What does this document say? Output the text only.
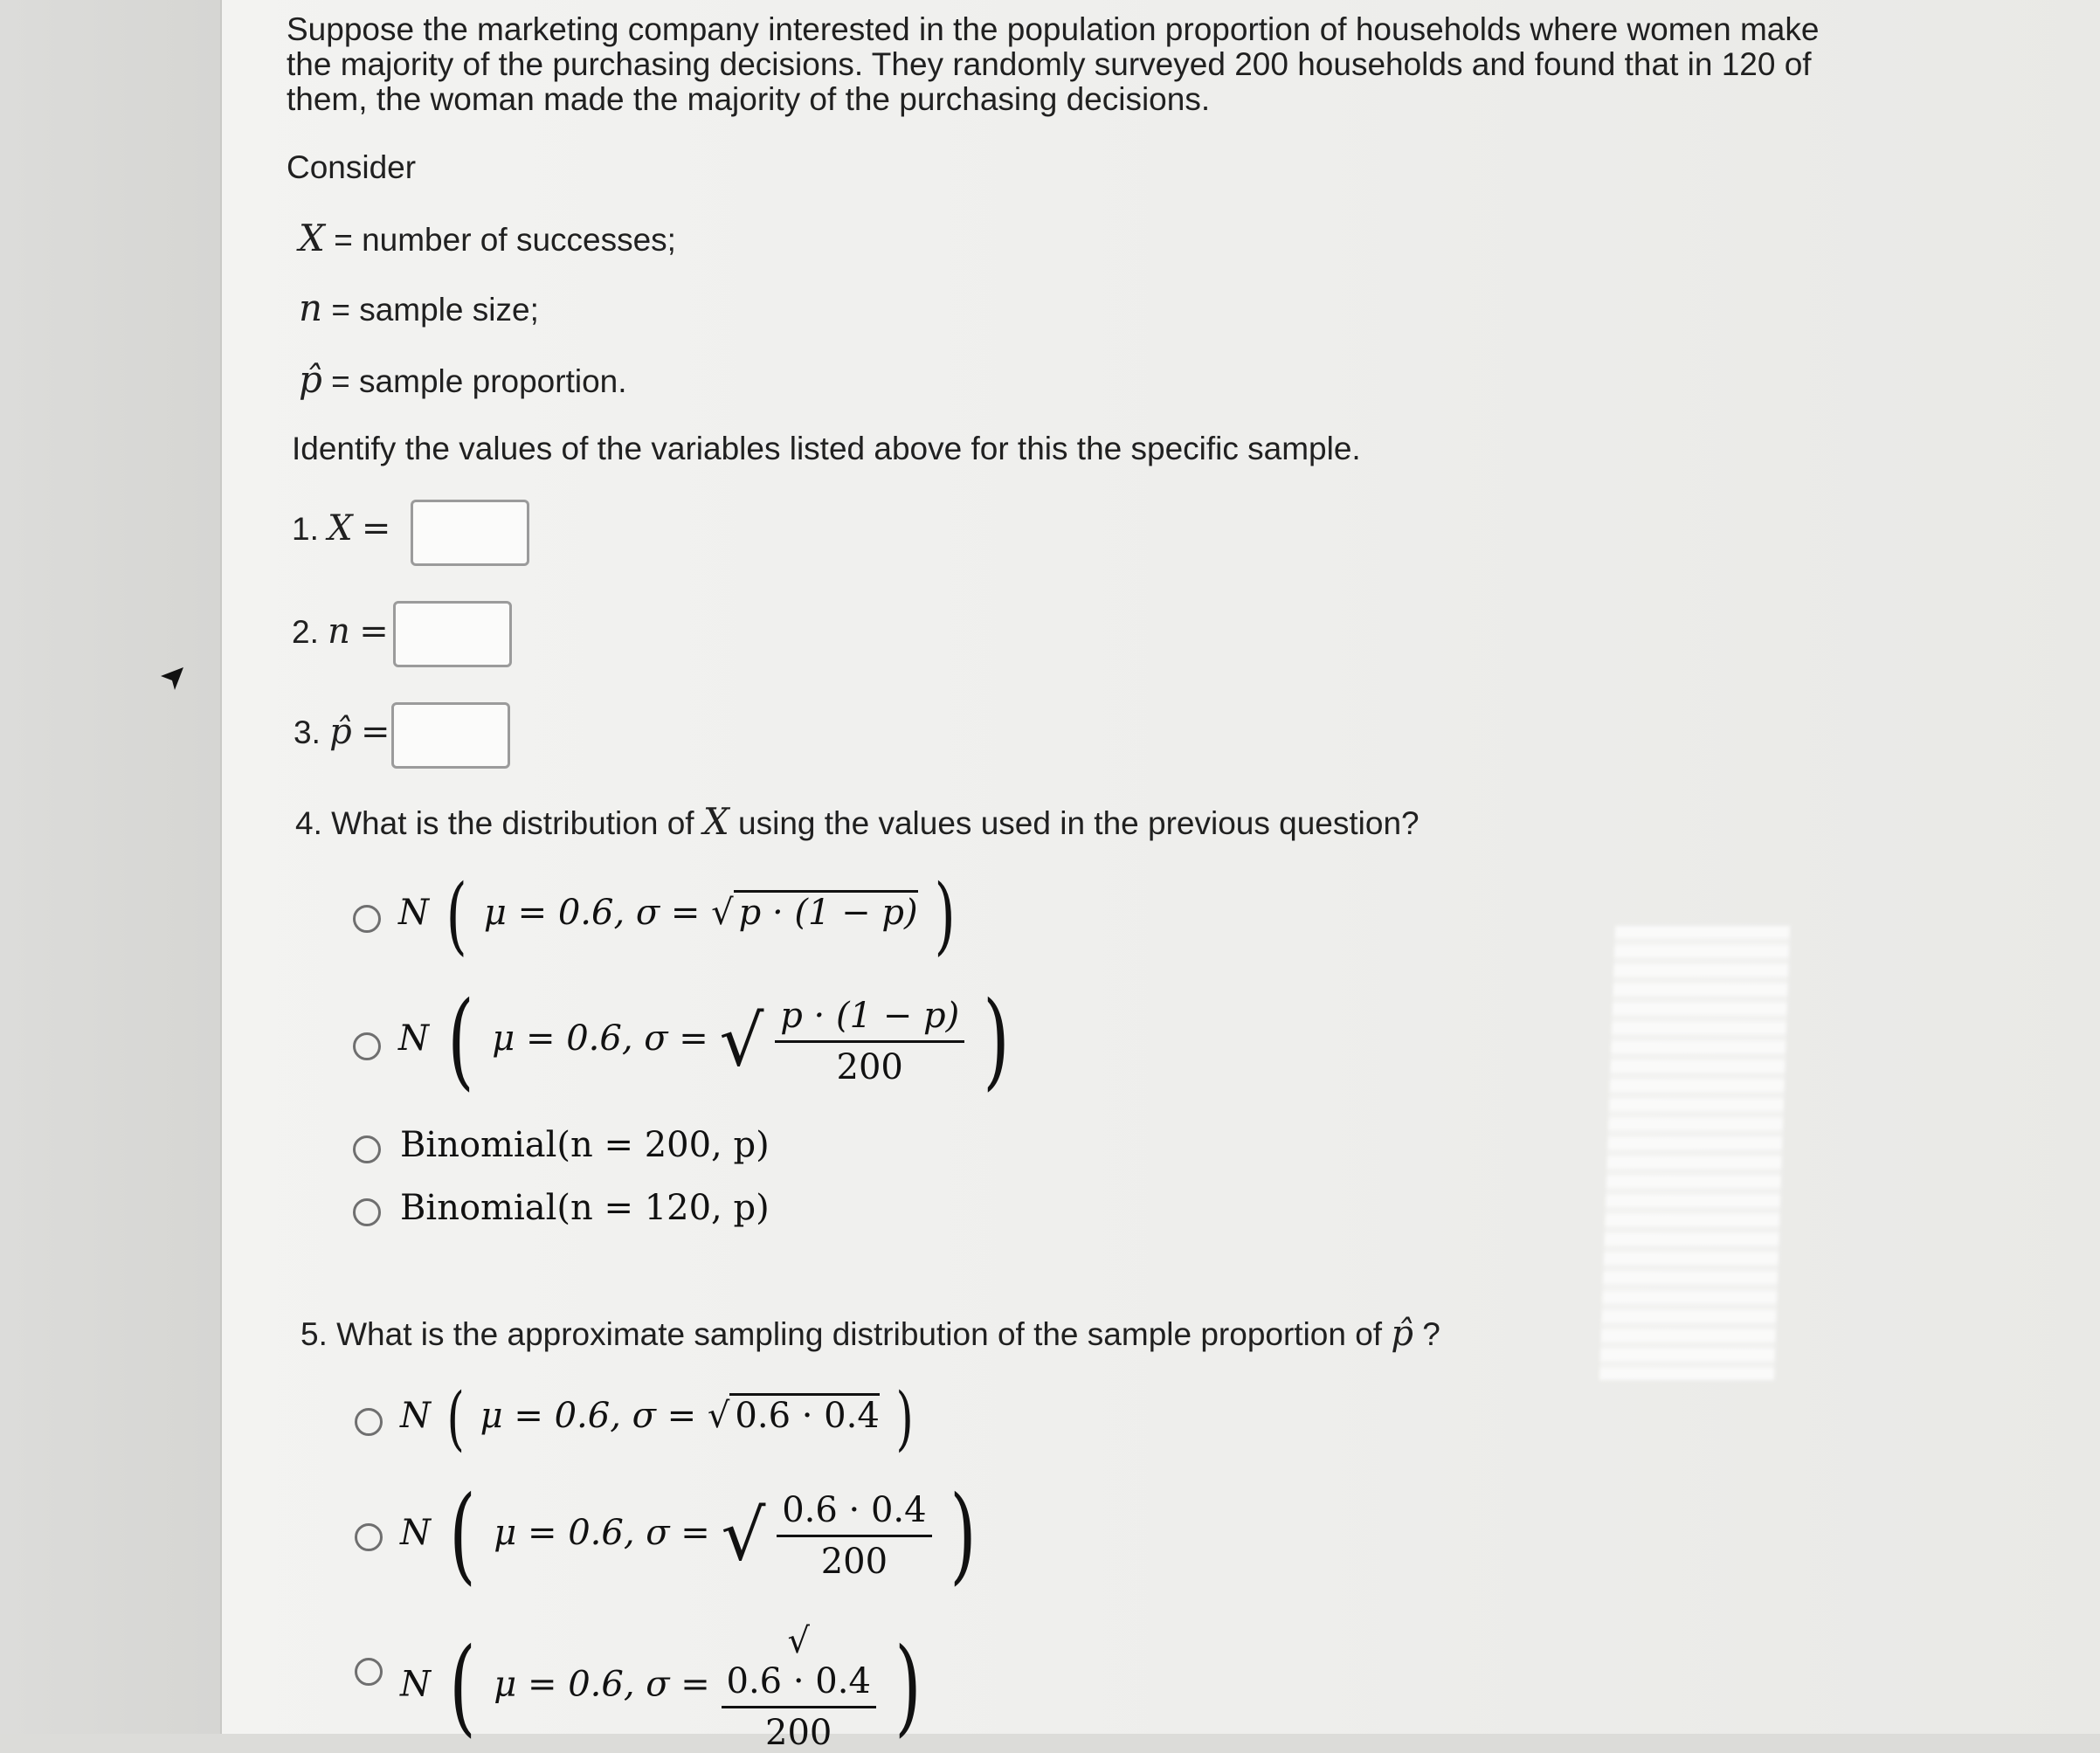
Suppose the marketing company interested in the population proportion of households where women make
the majority of the purchasing decisions. They randomly surveyed 200 households and found that in 120 of
them, the woman made the majority of the purchasing decisions.
Consider
X = number of successes;
n = sample size;
p̂ = sample proportion.
Identify the values of the variables listed above for this the specific sample.
1. X =
2. n =
3. p̂ =
4. What is the distribution of X using the values used in the previous question?
N ( μ = 0.6, σ = √ p · (1 − p) )
N ( μ = 0.6, σ = √ $\frac{p \cdot (1 - p)}{200}$ )
Binomial(n = 200, p)
Binomial(n = 120, p)
5. What is the approximate sampling distribution of the sample proportion of p̂ ?
N ( μ = 0.6, σ = √ 0.6 · 0.4 )
N ( μ = 0.6, σ = √ $\frac{0.6 \cdot 0.4}{200}$ )
N ( μ = 0.6, σ = √
0.6 · 0.4
200 )
